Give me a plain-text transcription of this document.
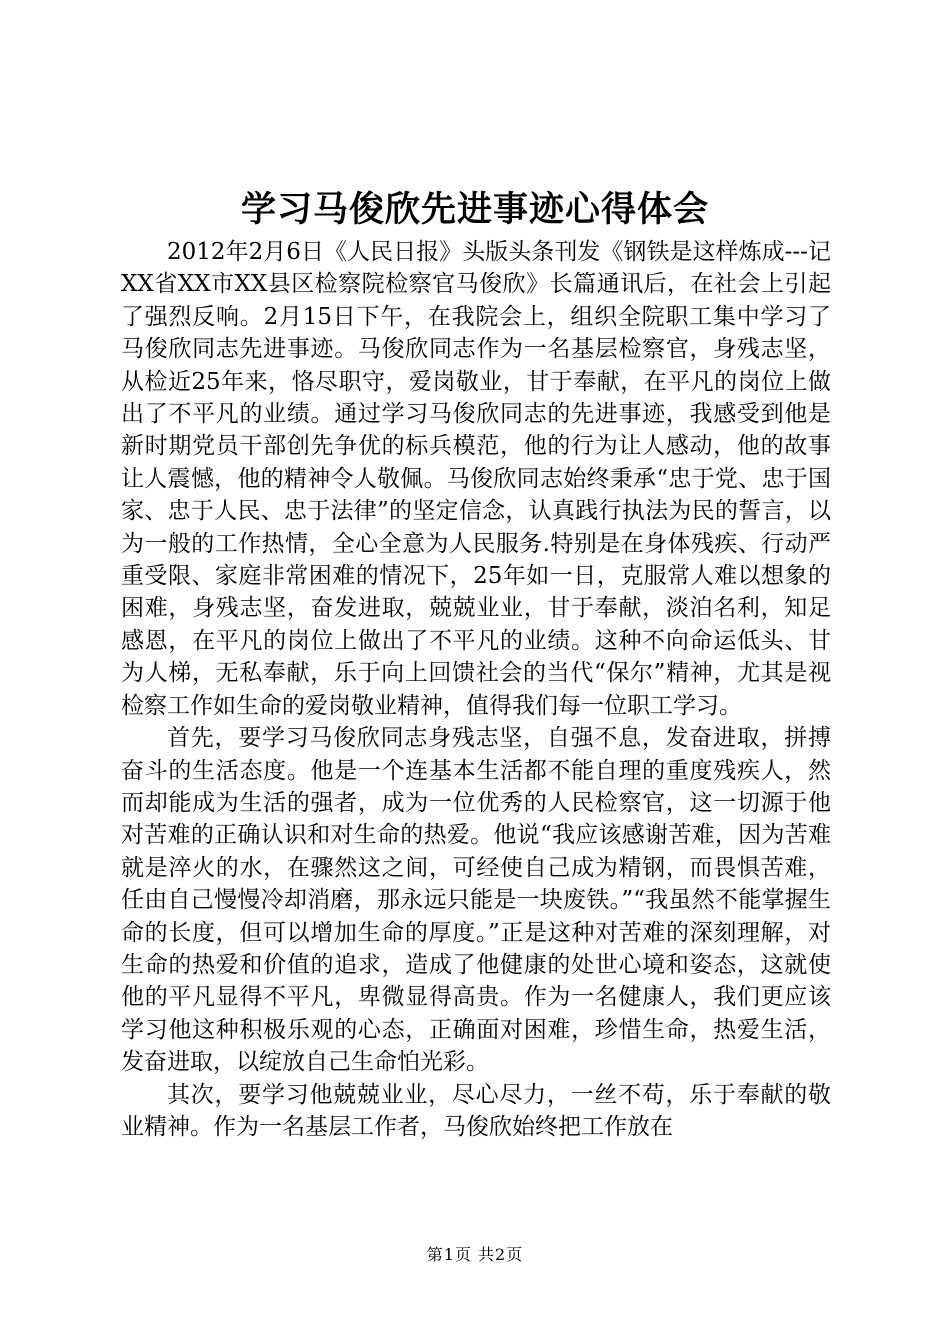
学习马俊欣先进事迹心得体会

2012年2月6日《人民日报》头版头条刊发《钢铁是这样炼成---记XX省XX市XX县区检察院检察官马俊欣》长篇通讯后，在社会上引起了强烈反响。2月15日下午，在我院会上，组织全院职工集中学习了马俊欣同志先进事迹。马俊欣同志作为一名基层检察官，身残志坚，从检近25年来，恪尽职守，爱岗敬业，甘于奉献，在平凡的岗位上做出了不平凡的业绩。通过学习马俊欣同志的先进事迹，我感受到他是新时期党员干部创先争优的标兵模范，他的行为让人感动，他的故事让人震憾，他的精神令人敬佩。马俊欣同志始终秉承“忠于党、忠于国家、忠于人民、忠于法律”的坚定信念，认真践行执法为民的誓言，以为一般的工作热情，全心全意为人民服务.特别是在身体残疾、行动严重受限、家庭非常困难的情况下，25年如一日，克服常人难以想象的困难，身残志坚，奋发进取，兢兢业业，甘于奉献，淡泊名利，知足感恩，在平凡的岗位上做出了不平凡的业绩。这种不向命运低头、甘为人梯，无私奉献，乐于向上回馈社会的当代“保尔”精神，尤其是视检察工作如生命的爱岗敬业精神，值得我们每一位职工学习。

首先，要学习马俊欣同志身残志坚，自强不息，发奋进取，拼搏奋斗的生活态度。他是一个连基本生活都不能自理的重度残疾人，然而却能成为生活的强者，成为一位优秀的人民检察官，这一切源于他对苦难的正确认识和对生命的热爱。他说“我应该感谢苦难，因为苦难就是淬火的水，在骤然这之间，可经使自己成为精钢，而畏惧苦难，任由自己慢慢冷却消磨，那永远只能是一块废铁。”“我虽然不能掌握生命的长度，但可以增加生命的厚度。”正是这种对苦难的深刻理解，对生命的热爱和价值的追求，造成了他健康的处世心境和姿态，这就使他的平凡显得不平凡，卑微显得高贵。作为一名健康人，我们更应该学习他这种积极乐观的心态，正确面对困难，珍惜生命，热爱生活，发奋进取，以绽放自己生命怕光彩。

其次，要学习他兢兢业业，尽心尽力，一丝不苟，乐于奉献的敬业精神。作为一名基层工作者，马俊欣始终把工作放在

第1页 共2页
